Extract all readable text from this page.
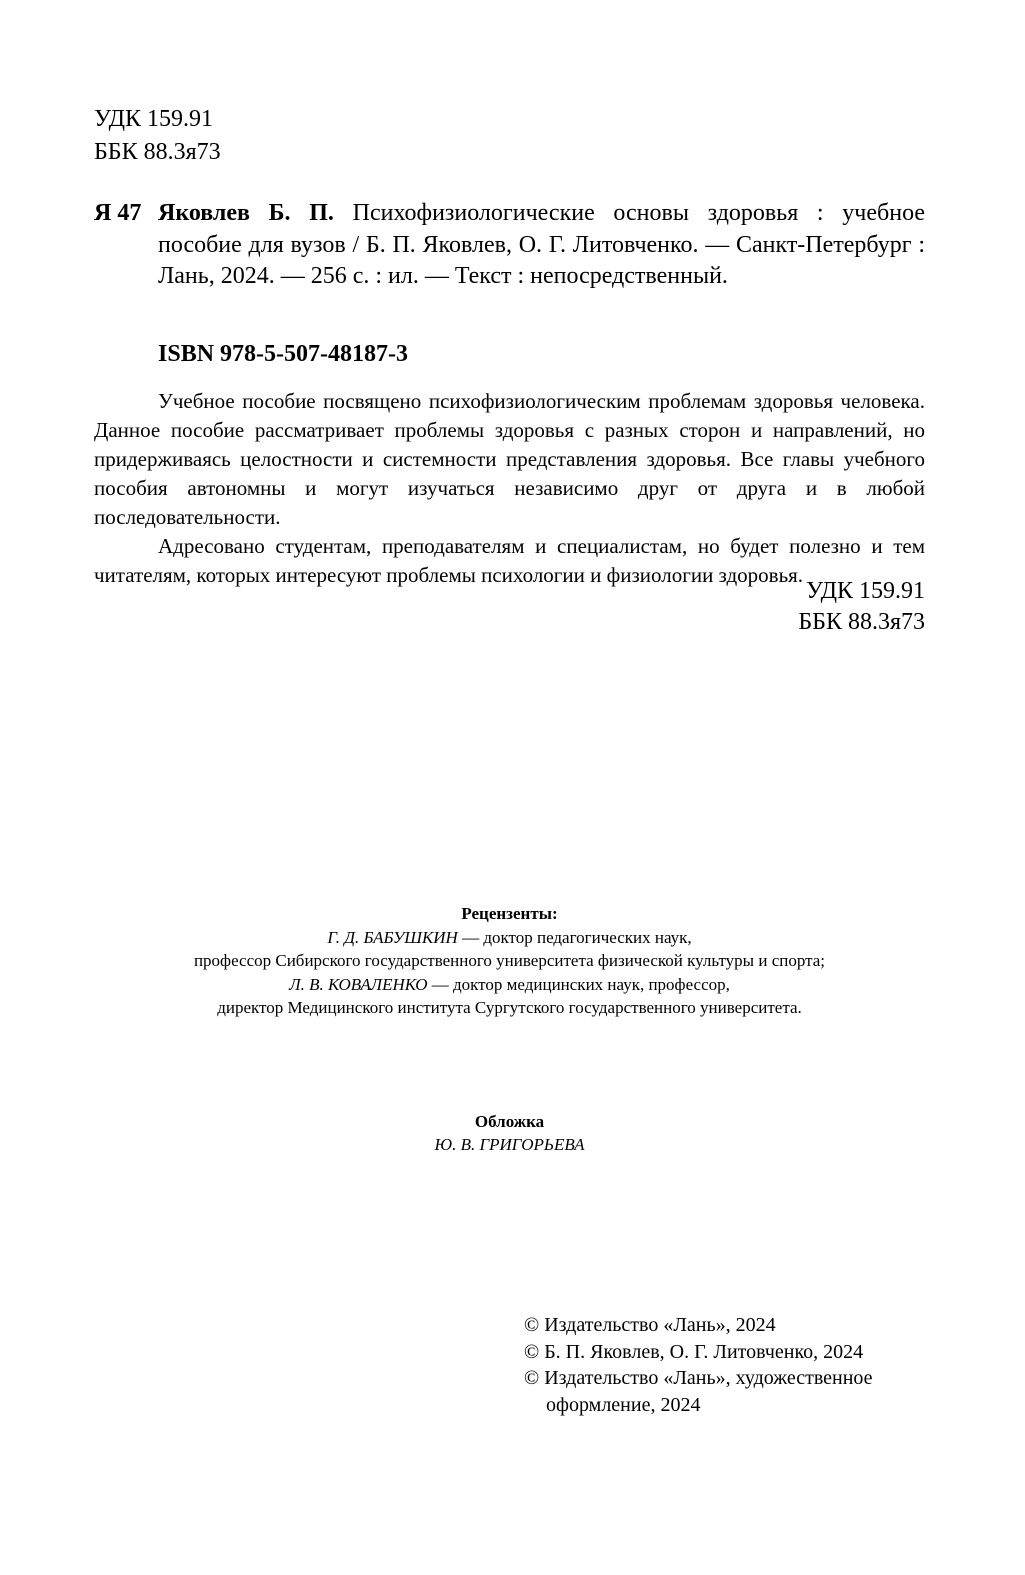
УДК 159.91
ББК 88.3я73
Я 47 Яковлев Б. П. Психофизиологические основы здоровья : учебное пособие для вузов / Б. П. Яковлев, О. Г. Литовченко. — Санкт-Петербург : Лань, 2024. — 256 с. : ил. — Текст : непосредственный.
ISBN 978-5-507-48187-3

Учебное пособие посвящено психофизиологическим проблемам здоровья человека. Данное пособие рассматривает проблемы здоровья с разных сторон и направлений, но придерживаясь целостности и системности представления здоровья. Все главы учебного пособия автономны и могут изучаться независимо друг от друга и в любой последовательности.

Адресовано студентам, преподавателям и специалистам, но будет полезно и тем читателям, которых интересуют проблемы психологии и физиологии здоровья.

УДК 159.91
ББК 88.3я73
Рецензенты:
Г. Д. БАБУШКИН — доктор педагогических наук,
профессор Сибирского государственного университета физической культуры и спорта;
Л. В. КОВАЛЕНКО — доктор медицинских наук, профессор,
директор Медицинского института Сургутского государственного университета.
Обложка
Ю. В. ГРИГОРЬЕВА
© Издательство «Лань», 2024
© Б. П. Яковлев, О. Г. Литовченко, 2024
© Издательство «Лань», художественное оформление, 2024
